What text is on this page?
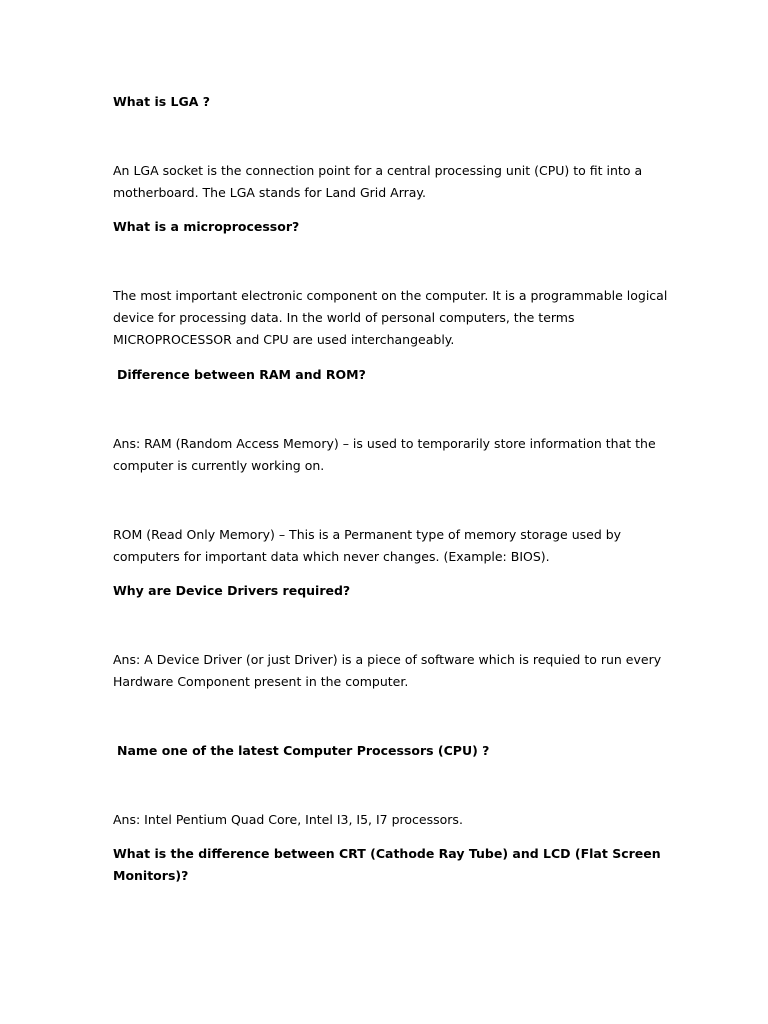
What is LGA ?

An LGA socket is the connection point for a central processing unit (CPU) to fit into a motherboard. The LGA stands for Land Grid Array.

What is a microprocessor?

The most important electronic component on the computer. It is a programmable logical device for processing data. In the world of personal computers, the terms MICROPROCESSOR and CPU are used interchangeably.

Difference between RAM and ROM?

Ans: RAM (Random Access Memory) – is used to temporarily store information that the computer is currently working on.

ROM (Read Only Memory) – This is a Permanent type of memory storage used by computers for important data which never changes. (Example: BIOS).

Why are Device Drivers required?

Ans: A Device Driver (or just Driver) is a piece of software which is requied to run every Hardware Component present in the computer.

Name one of the latest Computer Processors (CPU) ?

Ans: Intel Pentium Quad Core, Intel I3, I5, I7 processors.

What is the difference between CRT (Cathode Ray Tube) and LCD (Flat Screen Monitors)?
